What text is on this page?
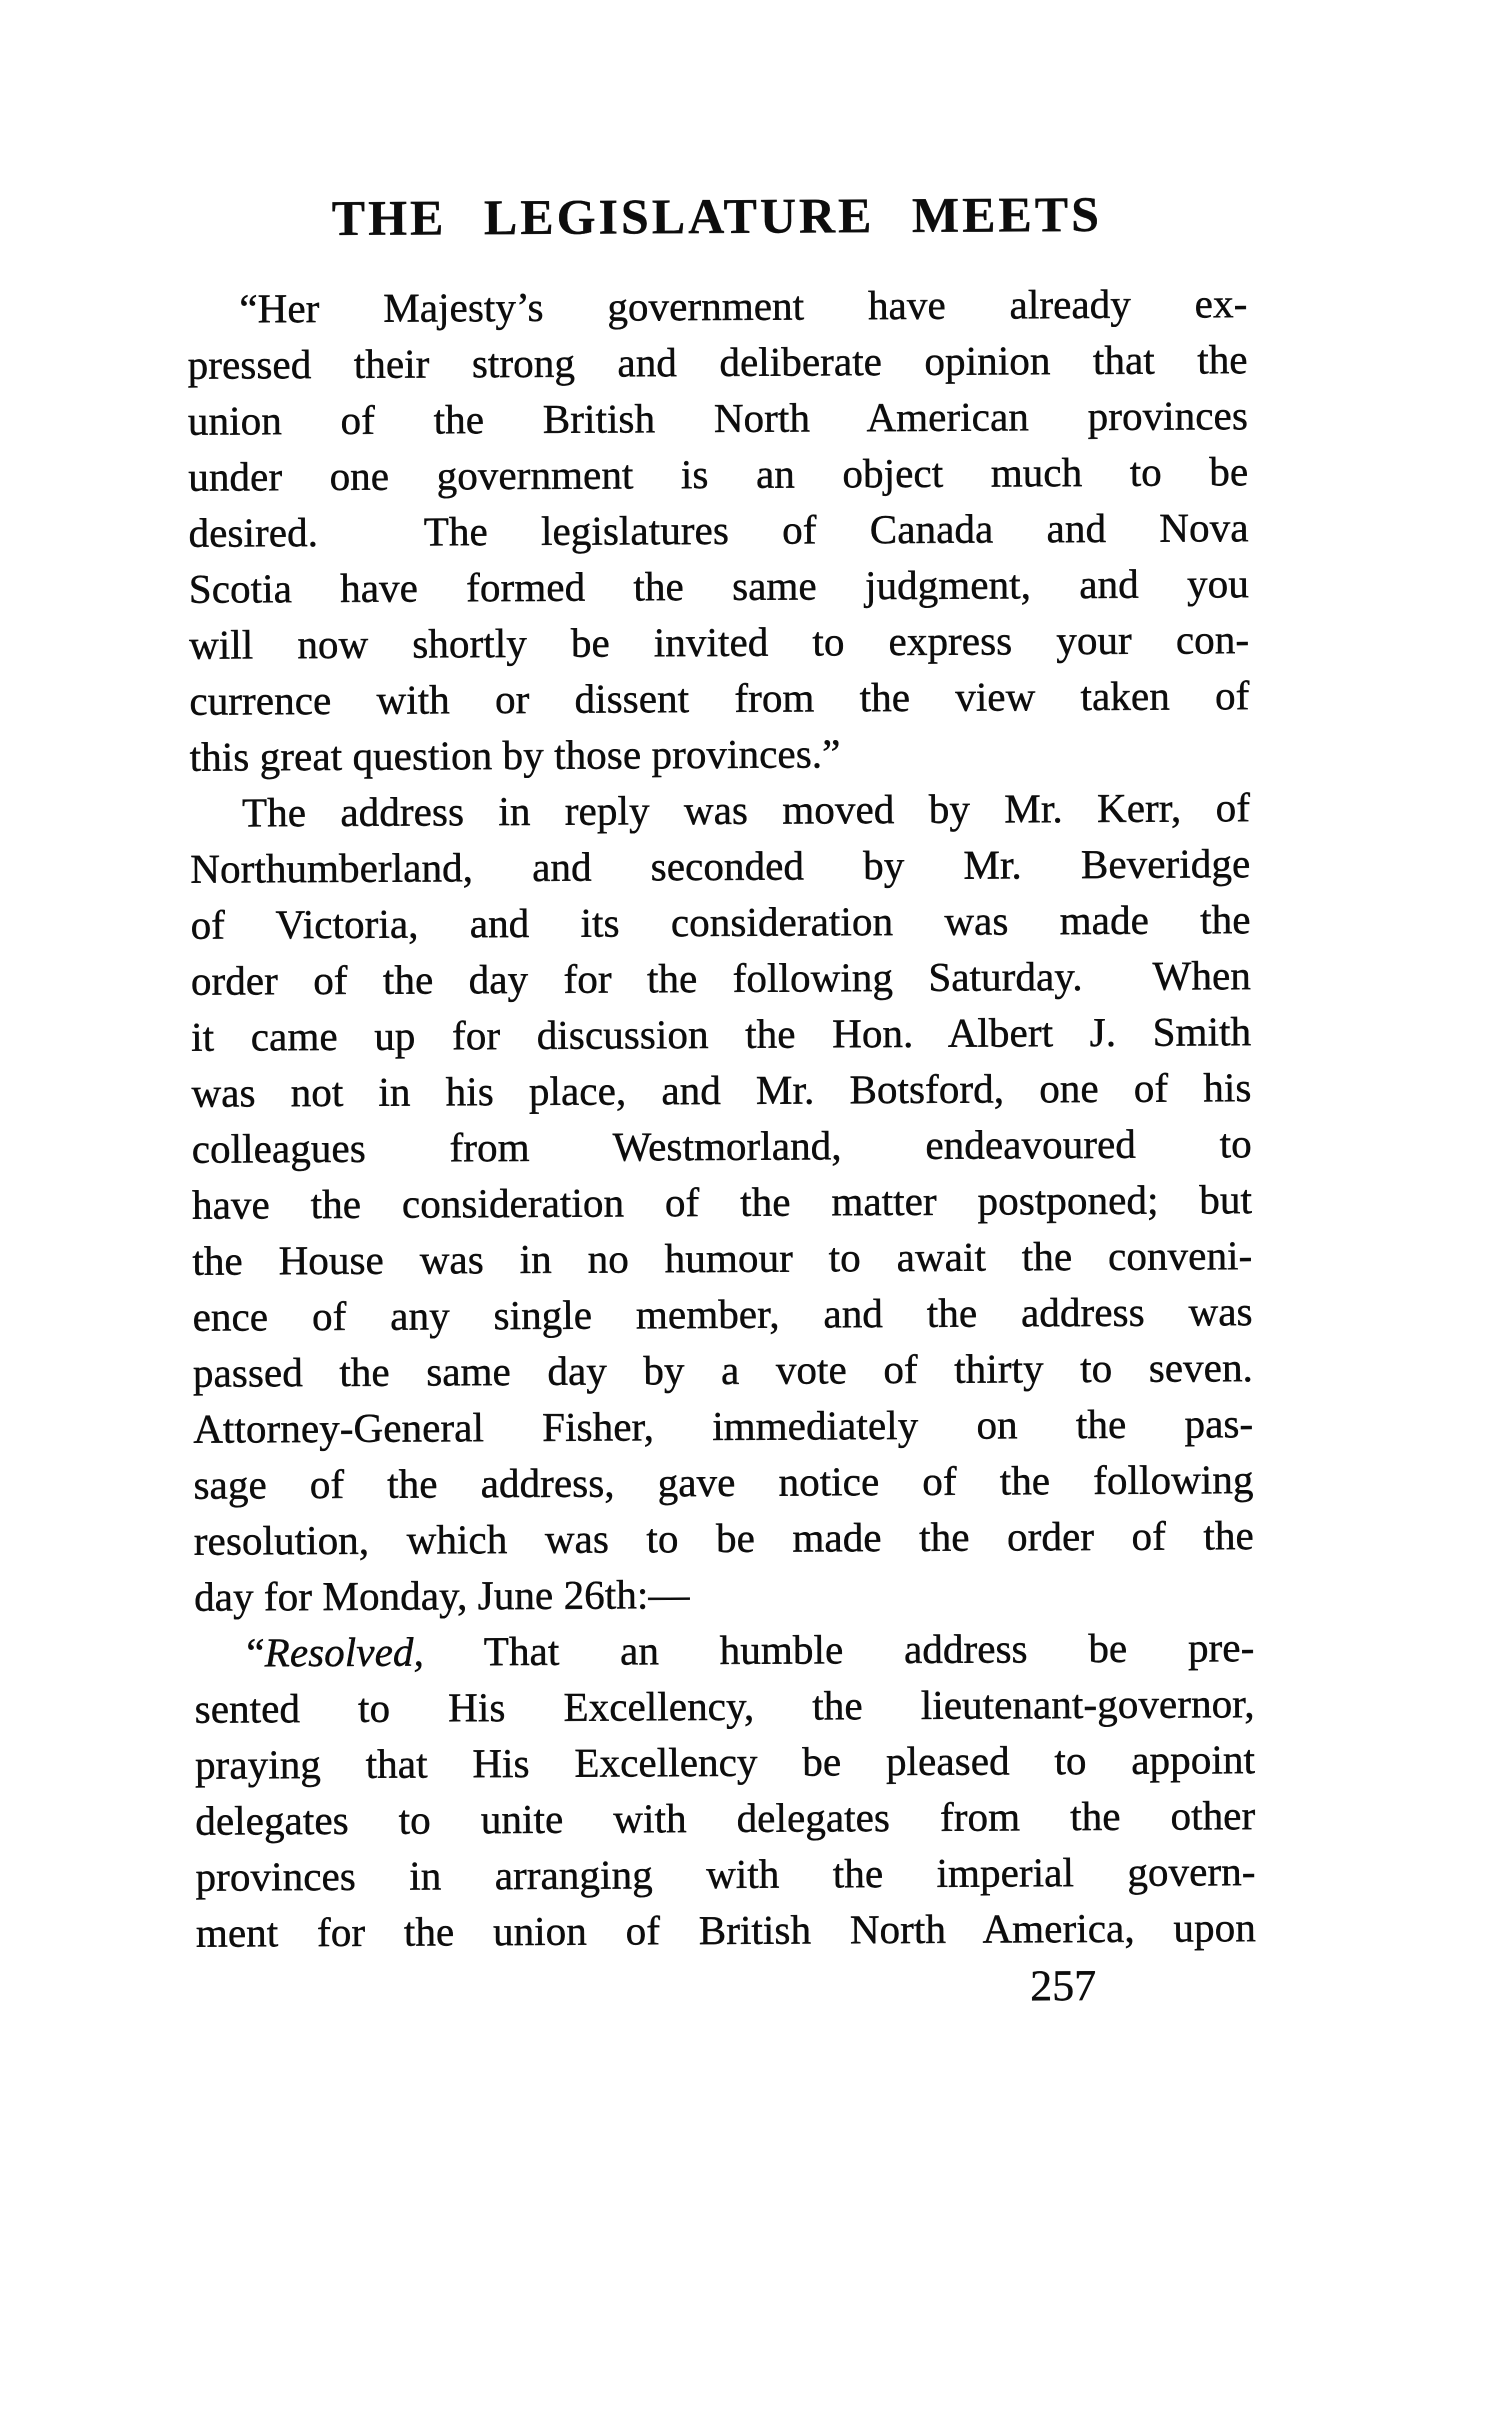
THE LEGISLATURE MEETS
“Her Majesty’s government have already ex-
pressed their strong and deliberate opinion that the
union of the British North American provinces
under one government is an object much to be
desired.  The legislatures of Canada and Nova
Scotia have formed the same judgment, and you
will now shortly be invited to express your con-
currence with or dissent from the view taken of
this great question by those provinces.”
The address in reply was moved by Mr. Kerr, of
Northumberland, and seconded by Mr. Beveridge
of Victoria, and its consideration was made the
order of the day for the following Saturday.  When
it came up for discussion the Hon. Albert J. Smith
was not in his place, and Mr. Botsford, one of his
colleagues from Westmorland, endeavoured to
have the consideration of the matter postponed; but
the House was in no humour to await the conveni-
ence of any single member, and the address was
passed the same day by a vote of thirty to seven.
Attorney-General Fisher, immediately on the pas-
sage of the address, gave notice of the following
resolution, which was to be made the order of the
day for Monday, June 26th:—
“Resolved, That an humble address be pre-
sented to His Excellency, the lieutenant-governor,
praying that His Excellency be pleased to appoint
delegates to unite with delegates from the other
provinces in arranging with the imperial govern-
ment for the union of British North America, upon
257
